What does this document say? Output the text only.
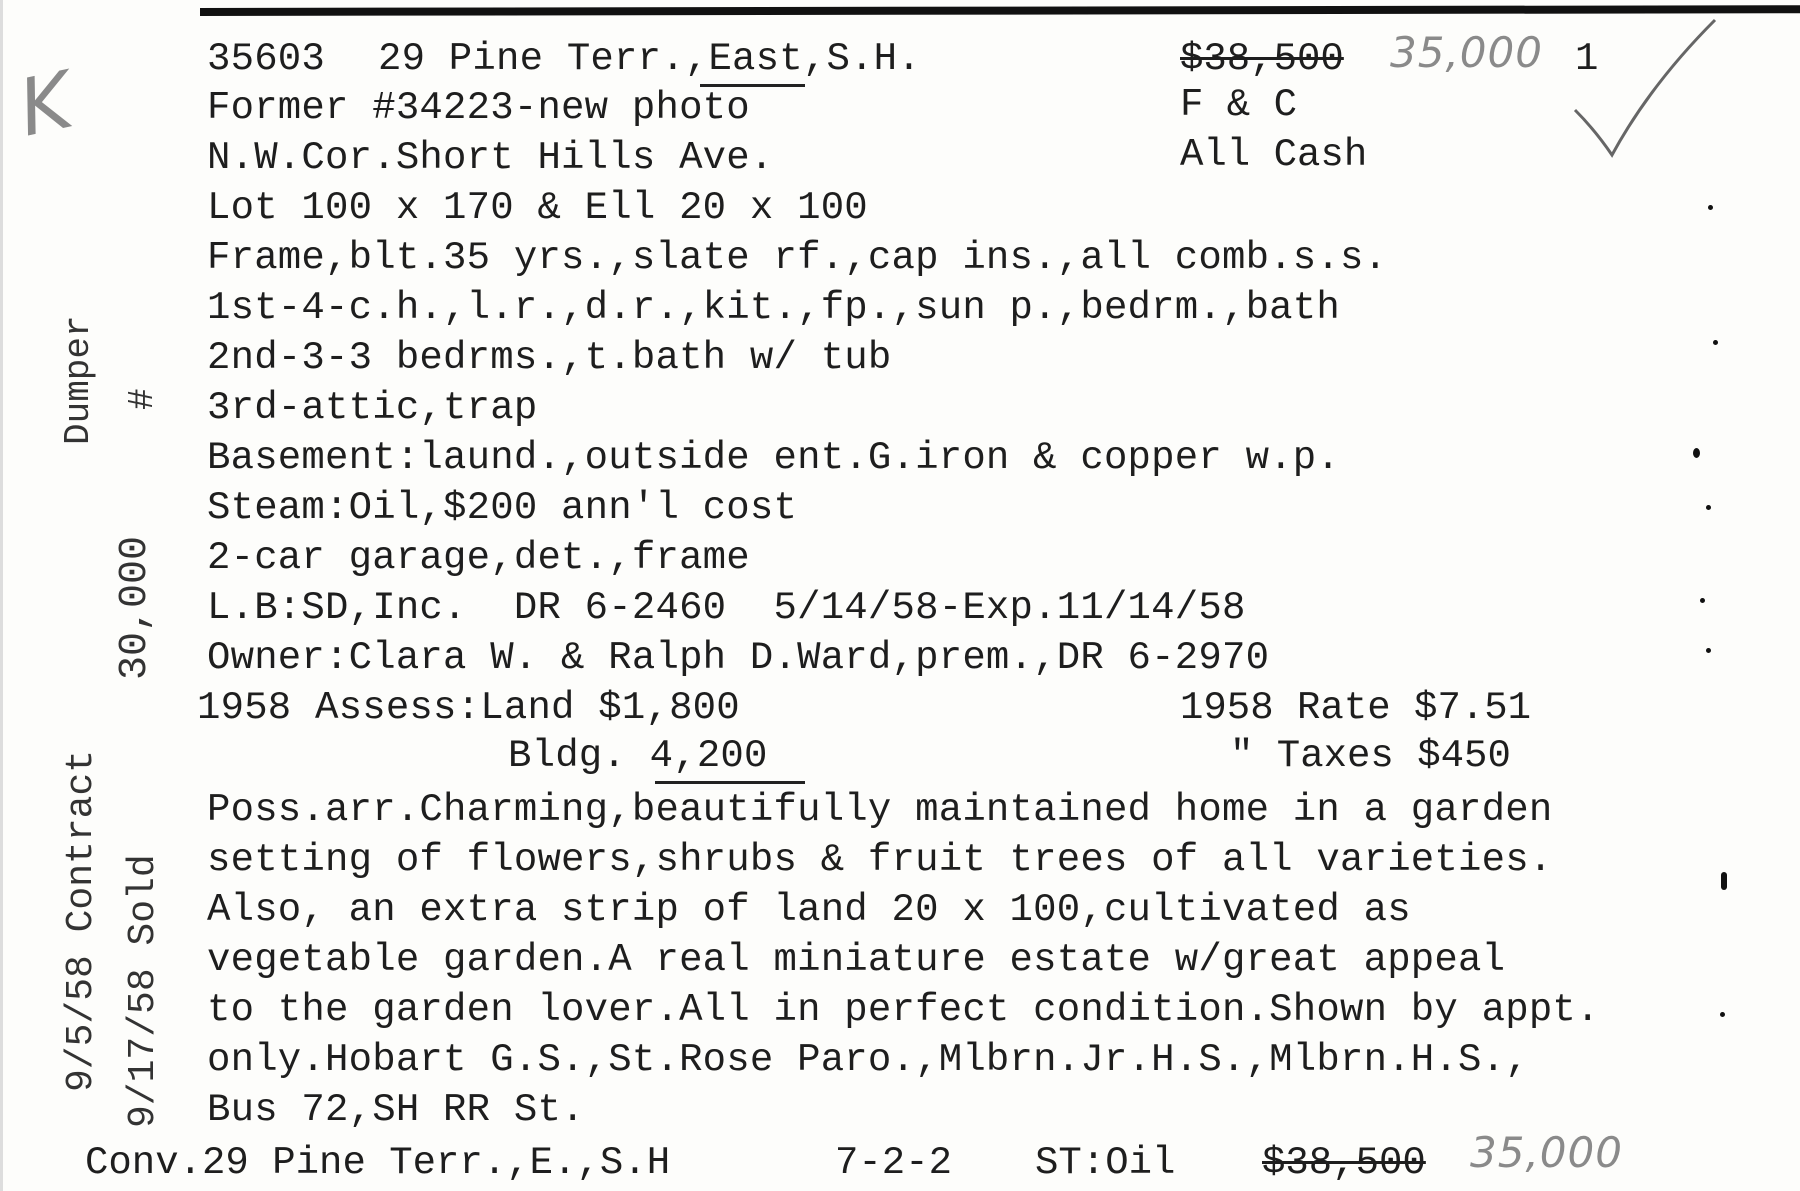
K	35603 29 Pine Terr.,East,S.H.	$38,500 35,000 1
F & C
All Cash
Former #34223-new photo
N.W.Cor.Short Hills Ave.
Lot 100 x 170 & Ell 20 x 100
Frame,blt.35 yrs.,slate rf.,cap ins.,all comb.s.s.
1st-4-c.h.,l.r.,d.r.,kit.,fp.,sun p.,bedrm.,bath
2nd-3-3 bedrms.,t.bath w/ tub
3rd-attic,trap
Basement:laund.,outside ent.G.iron & copper w.p.
Steam:Oil,$200 ann'l cost
2-car garage,det.,frame
L.B:SD,Inc.  DR 6-2460  5/14/58-Exp.11/14/58
Owner:Clara W. & Ralph D.Ward,prem.,DR 6-2970
1958 Assess:Land $1,800
Bldg. 4,200
1958 Rate $7.51
" Taxes $450
Poss.arr.Charming,beautifully maintained home in a garden
setting of flowers,shrubs & fruit trees of all varieties.
Also, an extra strip of land 20 x 100,cultivated as
vegetable garden.A real miniature estate w/great appeal
to the garden lover.All in perfect condition.Shown by appt.
only.Hobart G.S.,St.Rose Paro.,Mlbrn.Jr.H.S.,Mlbrn.H.S.,
Bus 72,SH RR St.
Conv.29 Pine Terr.,E.,S.H	7-2-2 ST:Oil $38,500 35,000
Dumper #
30,000
9/5/58 Contract 9/17/58 Sold
